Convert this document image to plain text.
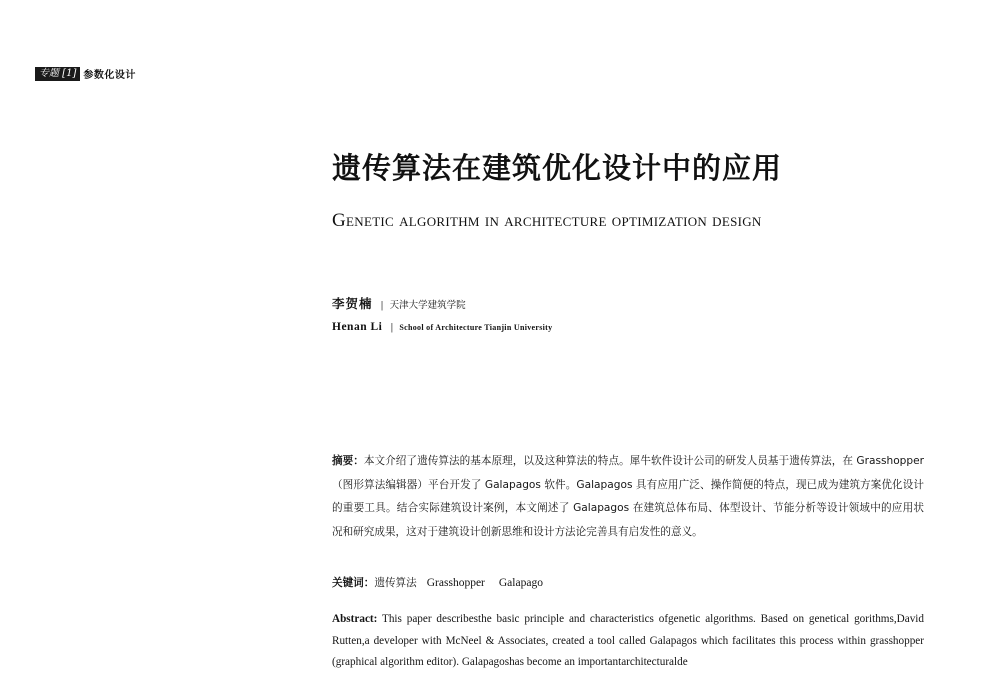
专题 [1] 参数化设计
遗传算法在建筑优化设计中的应用
Genetic algorithm in architecture optimization design
李贺楠 | 天津大学建筑学院
Henan Li | School of Architecture Tianjin University

摘要：本文介绍了遗传算法的基本原理，以及这种算法的特点。犀牛软件设计公司的研发人员基于遗传算法，在 Grasshopper（图形算法编辑器）平台开发了 Galapagos 软件。Galapagos 具有应用广泛、操作简便的特点，现已成为建筑方案优化设计的重要工具。结合实际建筑设计案例，本文阐述了 Galapagos 在建筑总体布局、体型设计、节能分析等设计领域中的应用状况和研究成果，这对于建筑设计创新思维和设计方法论完善具有启发性的意义。

关键词：遗传算法 Grasshopper Galapago

Abstract: This paper describesthe basic principle and characteristics ofgenetic algorithms. Based on genetical gorithms,David Rutten,a developer with McNeel & Associates, created a tool called Galapagos which facilitates this process within grasshopper (graphical algorithm editor). Galapagoshas become an importantarchitecturalde
